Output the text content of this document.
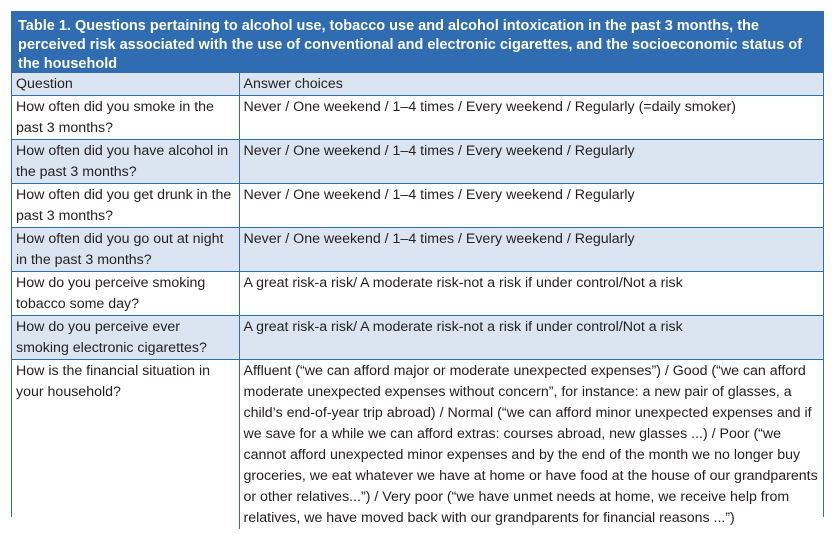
Table 1. Questions pertaining to alcohol use, tobacco use and alcohol intoxication in the past 3 months, the perceived risk associated with the use of conventional and electronic cigarettes, and the socioeconomic status of the household
Question	Answer choices
How often did you smoke in the past 3 months?	Never / One weekend / 1–4 times / Every weekend / Regularly (=daily smoker)
How often did you have alcohol in the past 3 months?	Never / One weekend / 1–4 times / Every weekend / Regularly
How often did you get drunk in the past 3 months?	Never / One weekend / 1–4 times / Every weekend / Regularly
How often did you go out at night in the past 3 months?	Never / One weekend / 1–4 times / Every weekend / Regularly
How do you perceive smoking tobacco some day?	A great risk-a risk/ A moderate risk-not a risk if under control/Not a risk
How do you perceive ever smoking electronic cigarettes?	A great risk-a risk/ A moderate risk-not a risk if under control/Not a risk
How is the financial situation in your household?	Affluent (“we can afford major or moderate unexpected expenses”) / Good (“we can afford moderate unexpected expenses without concern”, for instance: a new pair of glasses, a child’s end-of-year trip abroad) / Normal (“we can afford minor unexpected expenses and if we save for a while we can afford extras: courses abroad, new glasses ...) / Poor (“we cannot afford unexpected minor expenses and by the end of the month we no longer buy groceries, we eat whatever we have at home or have food at the house of our grandparents or other relatives...”) / Very poor (“we have unmet needs at home, we receive help from relatives, we have moved back with our grandparents for financial reasons ...”)
